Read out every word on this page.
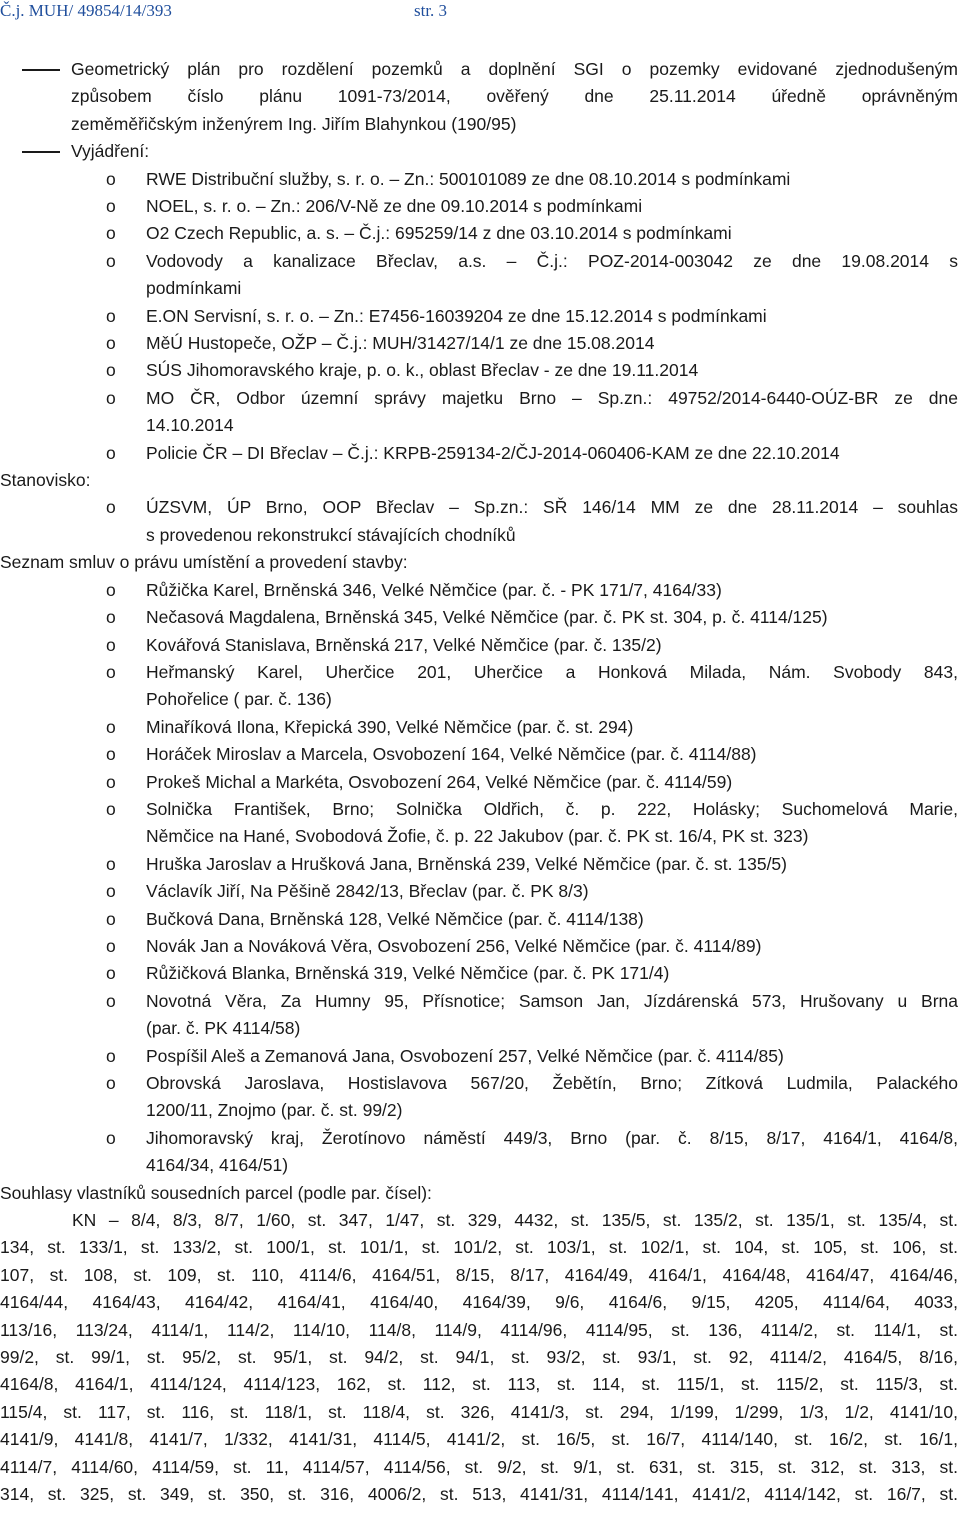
Č.j. MUH/ 49854/14/393	str. 3
Geometrický plán pro rozdělení pozemků a doplnění SGI o pozemky evidované zjednodušeným
způsobem číslo plánu 1091-73/2014, ověřený dne 25.11.2014 úředně oprávněným
zeměměřičským inženýrem Ing. Jiřím Blahynkou (190/95)
Vyjádření:
o RWE Distribuční služby, s. r. o. – Zn.: 500101089 ze dne 08.10.2014 s podmínkami
o NOEL, s. r. o. – Zn.: 206/V-Ně ze dne 09.10.2014 s podmínkami
o O2 Czech Republic, a. s. – Č.j.: 695259/14 z dne 03.10.2014 s podmínkami
o Vodovody a kanalizace Břeclav, a.s. – Č.j.: POZ-2014-003042 ze dne 19.08.2014 s
podmínkami
o E.ON Servisní, s. r. o. – Zn.: E7456-16039204 ze dne 15.12.2014 s podmínkami
o MěÚ Hustopeče, OŽP – Č.j.: MUH/31427/14/1 ze dne 15.08.2014
o SÚS Jihomoravského kraje, p. o. k., oblast Břeclav - ze dne 19.11.2014
o MO ČR, Odbor územní správy majetku Brno – Sp.zn.: 49752/2014-6440-OÚZ-BR ze dne
14.10.2014
o Policie ČR – DI Břeclav – Č.j.: KRPB-259134-2/ČJ-2014-060406-KAM ze dne 22.10.2014
Stanovisko:
o ÚZSVM, ÚP Brno, OOP Břeclav – Sp.zn.: SŘ 146/14 MM ze dne 28.11.2014 – souhlas
s provedenou rekonstrukcí stávajících chodníků
Seznam smluv o právu umístění a provedení stavby:
o Růžička Karel, Brněnská 346, Velké Němčice (par. č. - PK 171/7, 4164/33)
o Nečasová Magdalena, Brněnská 345, Velké Němčice (par. č. PK st. 304, p. č. 4114/125)
o Kovářová Stanislava, Brněnská 217, Velké Němčice (par. č. 135/2)
o Heřmanský Karel, Uherčice 201, Uherčice a Honková Milada, Nám. Svobody 843,
Pohořelice ( par. č. 136)
o Minaříková Ilona, Křepická 390, Velké Němčice (par. č. st. 294)
o Horáček Miroslav a Marcela, Osvobození 164, Velké Němčice (par. č. 4114/88)
o Prokeš Michal a Markéta, Osvobození 264, Velké Němčice (par. č. 4114/59)
o Solnička František, Brno; Solnička Oldřich, č. p. 222, Holásky; Suchomelová Marie,
Němčice na Hané, Svobodová Žofie, č. p. 22 Jakubov (par. č. PK st. 16/4, PK st. 323)
o Hruška Jaroslav a Hrušková Jana, Brněnská 239, Velké Němčice (par. č. st. 135/5)
o Václavík Jiří, Na Pěšině 2842/13, Břeclav (par. č. PK 8/3)
o Bučková Dana, Brněnská 128, Velké Němčice (par. č. 4114/138)
o Novák Jan a Nováková Věra, Osvobození 256, Velké Němčice (par. č. 4114/89)
o Růžičková Blanka, Brněnská 319, Velké Němčice (par. č. PK 171/4)
o Novotná Věra, Za Humny 95, Přísnotice; Samson Jan, Jízdárenská 573, Hrušovany u Brna
(par. č. PK 4114/58)
o Pospíšil Aleš a Zemanová Jana, Osvobození 257, Velké Němčice (par. č. 4114/85)
o Obrovská Jaroslava, Hostislavova 567/20, Žebětín, Brno; Zítková Ludmila, Palackého
1200/11, Znojmo (par. č. st. 99/2)
o Jihomoravský kraj, Žerotínovo náměstí 449/3, Brno (par. č. 8/15, 8/17, 4164/1, 4164/8,
4164/34, 4164/51)
Souhlasy vlastníků sousedních parcel (podle par. čísel):
KN – 8/4, 8/3, 8/7, 1/60, st. 347, 1/47, st. 329, 4432, st. 135/5, st. 135/2, st. 135/1, st. 135/4, st.
134, st. 133/1, st. 133/2, st. 100/1, st. 101/1, st. 101/2, st. 103/1, st. 102/1, st. 104, st. 105, st. 106, st.
107, st. 108, st. 109, st. 110, 4114/6, 4164/51, 8/15, 8/17, 4164/49, 4164/1, 4164/48, 4164/47, 4164/46,
4164/44, 4164/43, 4164/42, 4164/41, 4164/40, 4164/39, 9/6, 4164/6, 9/15, 4205, 4114/64, 4033,
113/16, 113/24, 4114/1, 114/2, 114/10, 114/8, 114/9, 4114/96, 4114/95, st. 136, 4114/2, st. 114/1, st.
99/2, st. 99/1, st. 95/2, st. 95/1, st. 94/2, st. 94/1, st. 93/2, st. 93/1, st. 92, 4114/2, 4164/5, 8/16,
4164/8, 4164/1, 4114/124, 4114/123, 162, st. 112, st. 113, st. 114, st. 115/1, st. 115/2, st. 115/3, st.
115/4, st. 117, st. 116, st. 118/1, st. 118/4, st. 326, 4141/3, st. 294, 1/199, 1/299, 1/3, 1/2, 4141/10,
4141/9, 4141/8, 4141/7, 1/332, 4141/31, 4114/5, 4141/2, st. 16/5, st. 16/7, 4114/140, st. 16/2, st. 16/1,
4114/7, 4114/60, 4114/59, st. 11, 4114/57, 4114/56, st. 9/2, st. 9/1, st. 631, st. 315, st. 312, st. 313, st.
314, st. 325, st. 349, st. 350, st. 316, 4006/2, st. 513, 4141/31, 4114/141, 4141/2, 4114/142, st. 16/7, st.
